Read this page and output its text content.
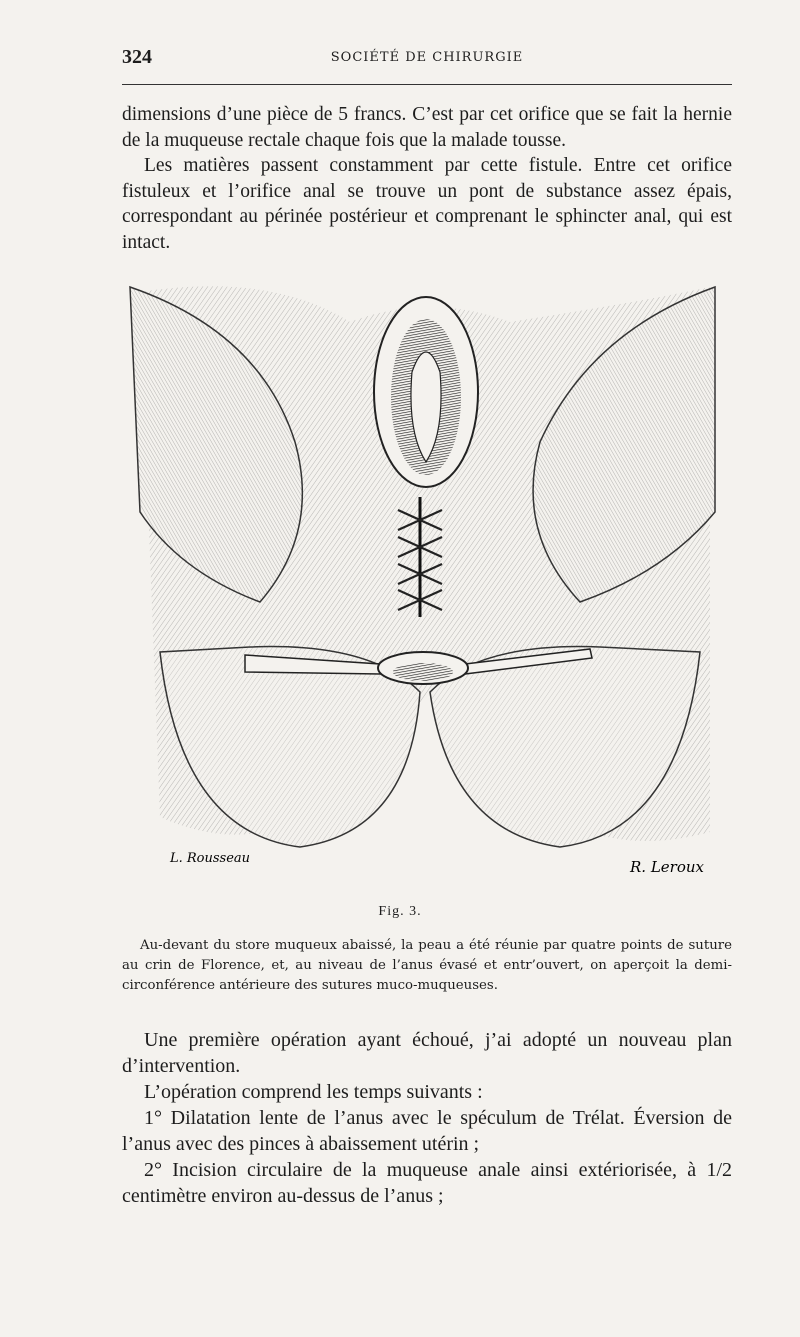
324	SOCIÉTÉ DE CHIRURGIE

dimensions d’une pièce de 5 francs. C’est par cet orifice que se fait la hernie de la muqueuse rectale chaque fois que la malade tousse.

Les matières passent constamment par cette fistule. Entre cet orifice fistuleux et l’orifice anal se trouve un pont de substance assez épais, correspondant au périnée postérieur et comprenant le sphincter anal, qui est intact.

L. Rousseau	R. Leroux
Fig. 3.

Au-devant du store muqueux abaissé, la peau a été réunie par quatre points de suture au crin de Florence, et, au niveau de l’anus évasé et entr’ouvert, on aperçoit la demi-circonférence antérieure des sutures muco-muqueuses.

Une première opération ayant échoué, j’ai adopté un nouveau plan d’intervention.

L’opération comprend les temps suivants :

1° Dilatation lente de l’anus avec le spéculum de Trélat. Éversion de l’anus avec des pinces à abaissement utérin ;

2° Incision circulaire de la muqueuse anale ainsi extériorisée, à 1/2 centimètre environ au-dessus de l’anus ;
